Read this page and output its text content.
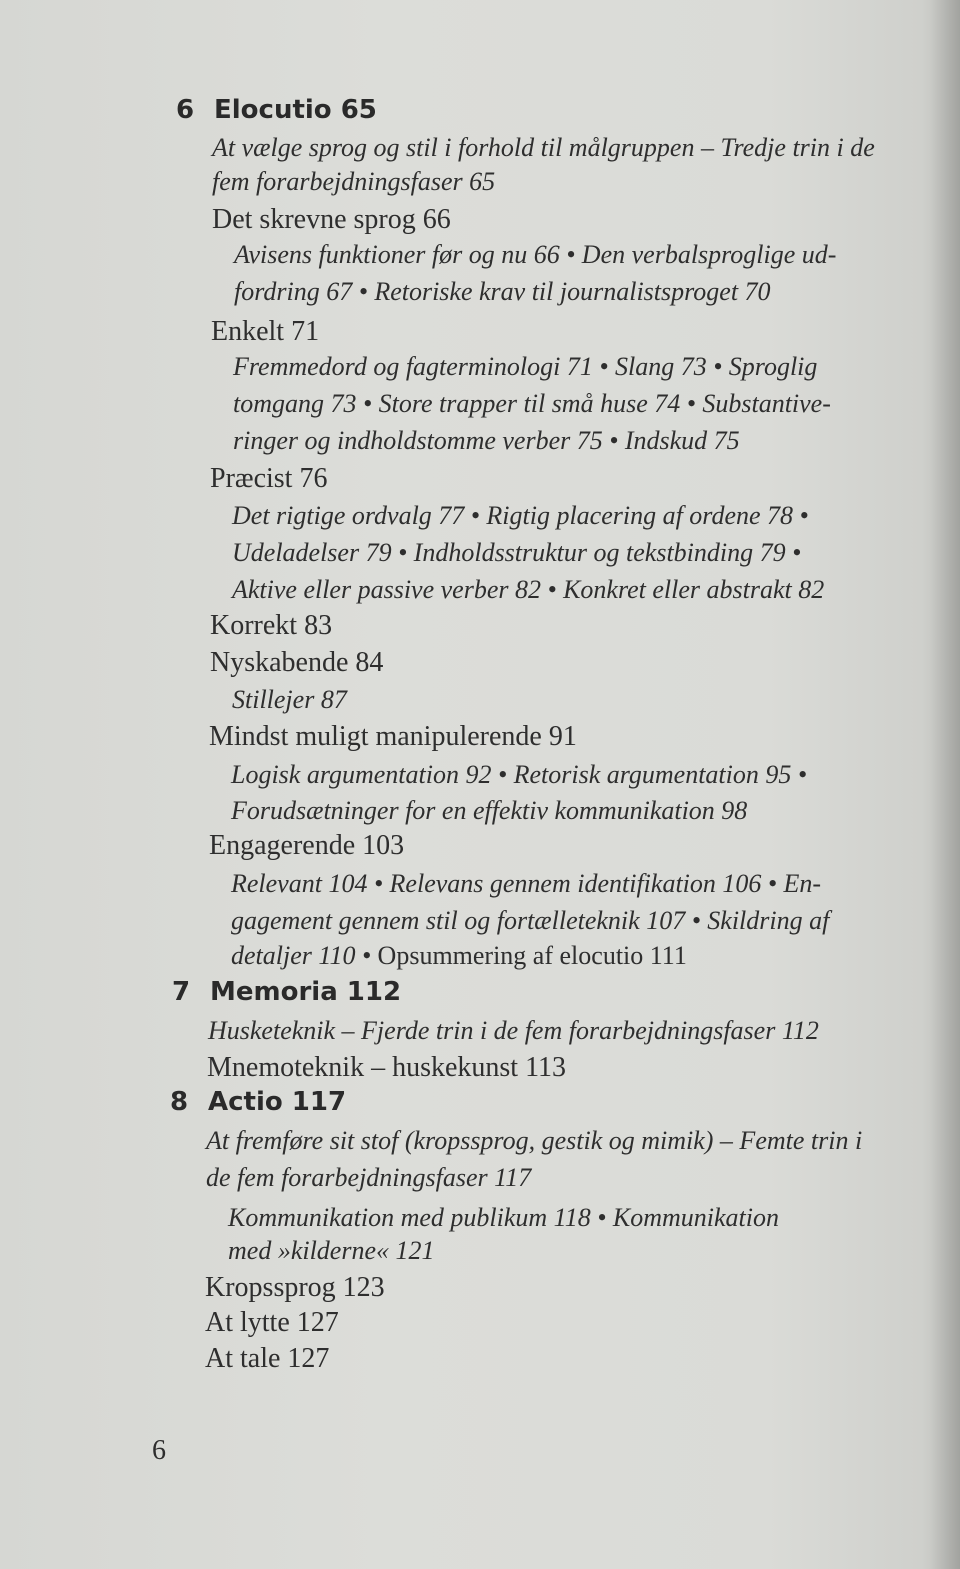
6 Elocutio 65
At vælge sprog og stil i forhold til målgruppen – Tredje trin i de
fem forarbejdningsfaser 65
Det skrevne sprog 66
Avisens funktioner før og nu 66 • Den verbalsproglige ud-
fordring 67 • Retoriske krav til journalistsproget 70
Enkelt 71
Fremmedord og fagterminologi 71 • Slang 73 • Sproglig
tomgang 73 • Store trapper til små huse 74 • Substantive-
ringer og indholdstomme verber 75 • Indskud 75
Præcist 76
Det rigtige ordvalg 77 • Rigtig placering af ordene 78 •
Udeladelser 79 • Indholdsstruktur og tekstbinding 79 •
Aktive eller passive verber 82 • Konkret eller abstrakt 82
Korrekt 83
Nyskabende 84
Stillejer 87
Mindst muligt manipulerende 91
Logisk argumentation 92 • Retorisk argumentation 95 •
Forudsætninger for en effektiv kommunikation 98
Engagerende 103
Relevant 104 • Relevans gennem identifikation 106 • En-
gagement gennem stil og fortælleteknik 107 • Skildring af
detaljer 110 • Opsummering af elocutio 111
7 Memoria 112
Husketeknik – Fjerde trin i de fem forarbejdningsfaser 112
Mnemoteknik – huskekunst 113
8 Actio 117
At fremføre sit stof (kropssprog, gestik og mimik) – Femte trin i
de fem forarbejdningsfaser 117
Kommunikation med publikum 118 • Kommunikation
med »kilderne« 121
Kropssprog 123
At lytte 127
At tale 127
6
